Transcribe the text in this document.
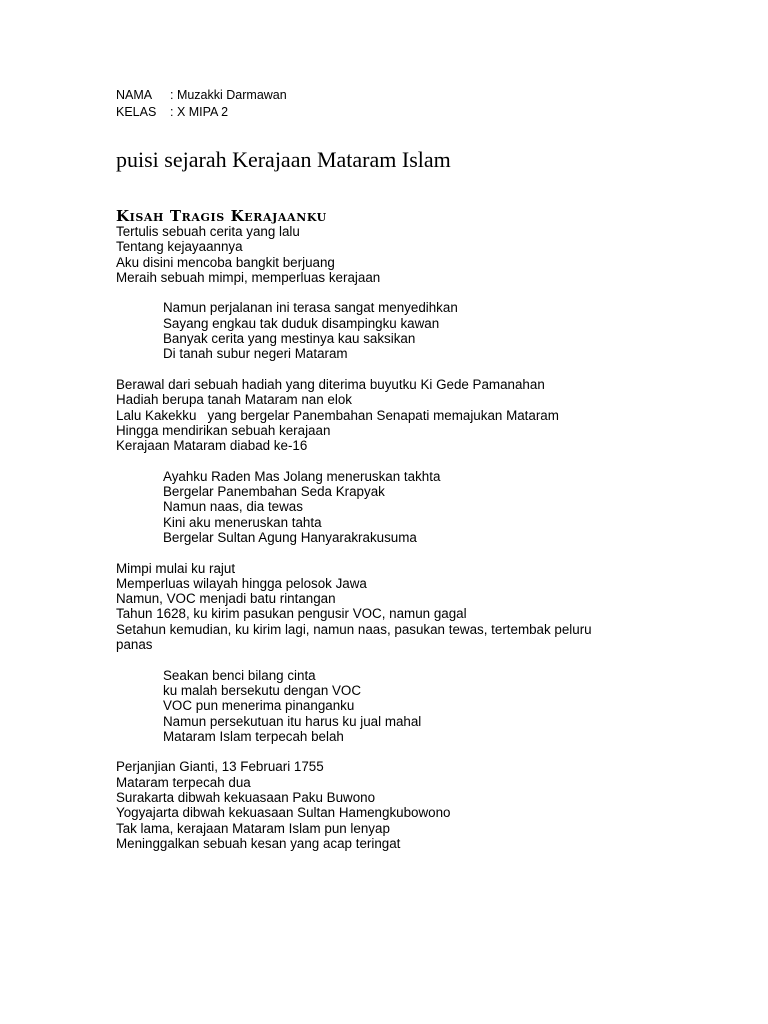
NAMA	: Muzakki Darmawan
KELAS	: X MIPA 2
puisi sejarah Kerajaan Mataram Islam
Kisah Tragis Kerajaanku

Tertulis sebuah cerita yang lalu
Tentang kejayaannya
Aku disini mencoba bangkit berjuang
Meraih sebuah mimpi, memperluas kerajaan

Namun perjalanan ini terasa sangat menyedihkan
Sayang engkau tak duduk disampingku kawan
Banyak cerita yang mestinya kau saksikan
Di tanah subur negeri Mataram

Berawal dari sebuah hadiah yang diterima buyutku Ki Gede Pamanahan
Hadiah berupa tanah Mataram nan elok
Lalu Kakekku   yang bergelar Panembahan Senapati memajukan Mataram
Hingga mendirikan sebuah kerajaan
Kerajaan Mataram diabad ke-16

Ayahku Raden Mas Jolang meneruskan takhta
Bergelar Panembahan Seda Krapyak
Namun naas, dia tewas
Kini aku meneruskan tahta
Bergelar Sultan Agung Hanyarakrakusuma

Mimpi mulai ku rajut
Memperluas wilayah hingga pelosok Jawa
Namun, VOC menjadi batu rintangan
Tahun 1628, ku kirim pasukan pengusir VOC, namun gagal
Setahun kemudian, ku kirim lagi, namun naas, pasukan tewas, tertembak peluru
panas

Seakan benci bilang cinta
ku malah bersekutu dengan VOC
VOC pun menerima pinanganku
Namun persekutuan itu harus ku jual mahal
Mataram Islam terpecah belah

Perjanjian Gianti, 13 Februari 1755
Mataram terpecah dua
Surakarta dibwah kekuasaan Paku Buwono
Yogyajarta dibwah kekuasaan Sultan Hamengkubowono
Tak lama, kerajaan Mataram Islam pun lenyap
Meninggalkan sebuah kesan yang acap teringat
